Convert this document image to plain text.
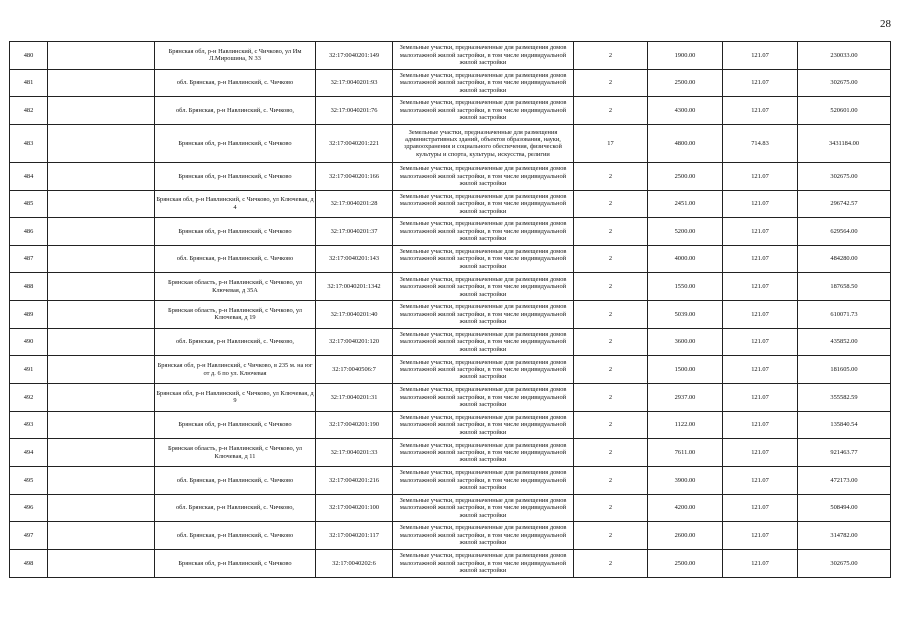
28
480		Брянская обл, р-н Навлинский, с Чичково, ул Им Л.Мирошина, N 33	32:17:0040201:149	Земельные участки, предназначенные для размещения домов малоэтажной жилой застройки, в том числе индивидуальной жилой застройки	2	1900.00	121.07	230033.00
481		обл. Брянская, р-н Навлинский, с. Чичково	32:17:0040201:93	Земельные участки, предназначенные для размещения домов малоэтажной жилой застройки, в том числе индивидуальной жилой застройки	2	2500.00	121.07	302675.00
482		обл. Брянская, р-н Навлинский, с. Чичково,	32:17:0040201:76	Земельные участки, предназначенные для размещения домов малоэтажной жилой застройки, в том числе индивидуальной жилой застройки	2	4300.00	121.07	520601.00
483		Брянская обл, р-н Навлинский, с Чичково	32:17:0040201:221	Земельные участки, предназначенные для размещения административных зданий, объектов образования, науки, здравоохранения и социального обеспечения, физической культуры и спорта, культуры, искусства, религии	17	4800.00	714.83	3431184.00
484		Брянская обл, р-н Навлинский, с Чичково	32:17:0040201:166	Земельные участки, предназначенные для размещения домов малоэтажной жилой застройки, в том числе индивидуальной жилой застройки	2	2500.00	121.07	302675.00
485		Брянская обл, р-н Навлинский, с Чичково, ул Ключевая, д 4	32:17:0040201:28	Земельные участки, предназначенные для размещения домов малоэтажной жилой застройки, в том числе индивидуальной жилой застройки	2	2451.00	121.07	296742.57
486		Брянская обл, р-н Навлинский, с Чичково	32:17:0040201:37	Земельные участки, предназначенные для размещения домов малоэтажной жилой застройки, в том числе индивидуальной жилой застройки	2	5200.00	121.07	629564.00
487		обл. Брянская, р-н Навлинский, с. Чичково	32:17:0040201:143	Земельные участки, предназначенные для размещения домов малоэтажной жилой застройки, в том числе индивидуальной жилой застройки	2	4000.00	121.07	484280.00
488		Брянская область, р-н Навлинский, с Чичково, ул Ключевая, д 35А	32:17:0040201:1342	Земельные участки, предназначенные для размещения домов малоэтажной жилой застройки, в том числе индивидуальной жилой застройки	2	1550.00	121.07	187658.50
489		Брянская область, р-н Навлинский, с Чичково, ул Ключевая, д 19	32:17:0040201:40	Земельные участки, предназначенные для размещения домов малоэтажной жилой застройки, в том числе индивидуальной жилой застройки	2	5039.00	121.07	610071.73
490		обл. Брянская, р-н Навлинский, с. Чичково,	32:17:0040201:120	Земельные участки, предназначенные для размещения домов малоэтажной жилой застройки, в том числе индивидуальной жилой застройки	2	3600.00	121.07	435852.00
491		Брянская обл, р-н Навлинский, с Чичково, в 235 м. на юг от д. 6 по ул. Ключевая	32:17:0040506:7	Земельные участки, предназначенные для размещения домов малоэтажной жилой застройки, в том числе индивидуальной жилой застройки	2	1500.00	121.07	181605.00
492		Брянская обл, р-н Навлинский, с Чичково, ул Ключевая, д 9	32:17:0040201:31	Земельные участки, предназначенные для размещения домов малоэтажной жилой застройки, в том числе индивидуальной жилой застройки	2	2937.00	121.07	355582.59
493		Брянская обл, р-н Навлинский, с Чичково	32:17:0040201:190	Земельные участки, предназначенные для размещения домов малоэтажной жилой застройки, в том числе индивидуальной жилой застройки	2	1122.00	121.07	135840.54
494		Брянская область, р-н Навлинский, с Чичково, ул Ключевая, д 11	32:17:0040201:33	Земельные участки, предназначенные для размещения домов малоэтажной жилой застройки, в том числе индивидуальной жилой застройки	2	7611.00	121.07	921463.77
495		обл. Брянская, р-н Навлинский, с. Чичково	32:17:0040201:216	Земельные участки, предназначенные для размещения домов малоэтажной жилой застройки, в том числе индивидуальной жилой застройки	2	3900.00	121.07	472173.00
496		обл. Брянская, р-н Навлинский, с. Чичково,	32:17:0040201:100	Земельные участки, предназначенные для размещения домов малоэтажной жилой застройки, в том числе индивидуальной жилой застройки	2	4200.00	121.07	508494.00
497		обл. Брянская, р-н Навлинский, с. Чичково	32:17:0040201:117	Земельные участки, предназначенные для размещения домов малоэтажной жилой застройки, в том числе индивидуальной жилой застройки	2	2600.00	121.07	314782.00
498		Брянская обл, р-н Навлинский, с Чичково	32:17:0040202:6	Земельные участки, предназначенные для размещения домов малоэтажной жилой застройки, в том числе индивидуальной жилой застройки	2	2500.00	121.07	302675.00
